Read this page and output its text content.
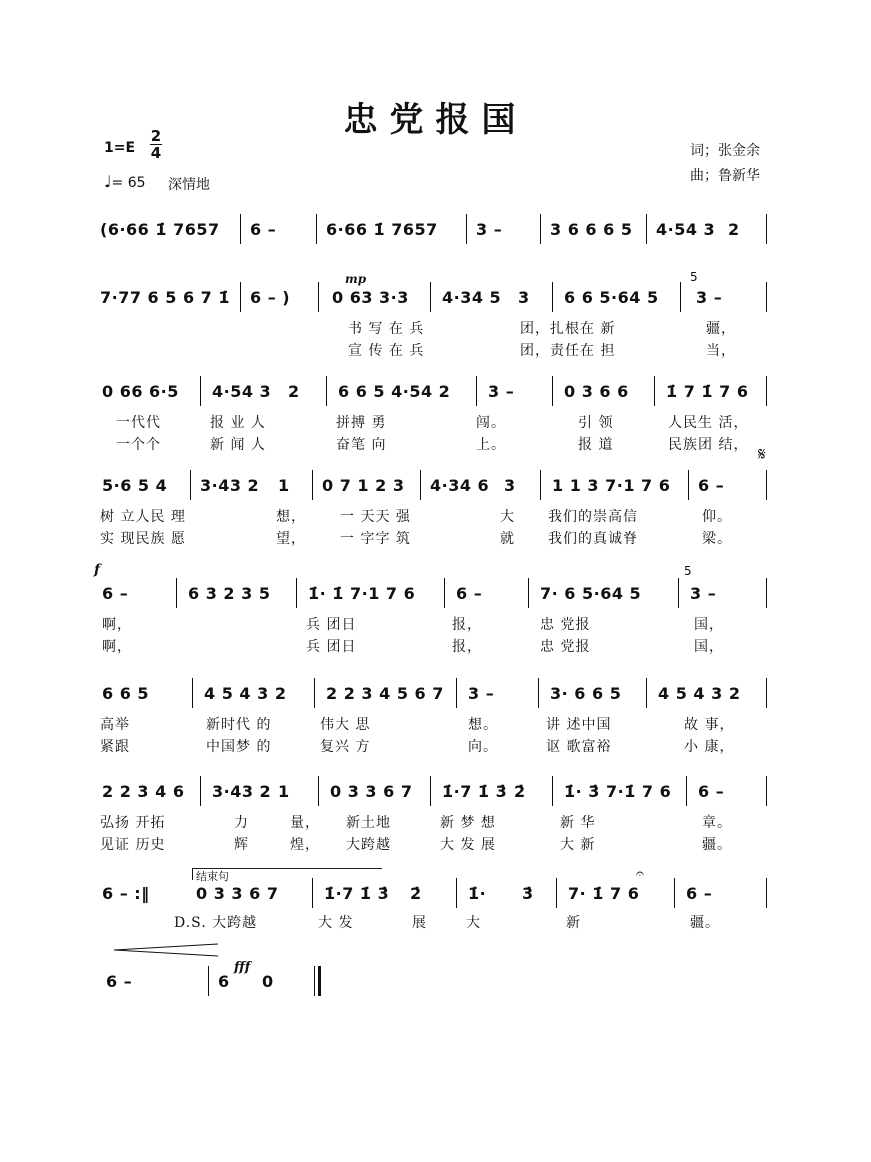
忠党报国
1=E
2
4
♩= 65 深情地
词；张金余
曲；鲁新华
(6·66 1̇ 7657 6 –	6·66 1̇ 7657 3 –	3 6 6 6 5 4·54 3 2
7·77 6 5 6 7 1̇ 6 – )
mp
0 63 3·3 4·34 5 3 6 6 5·64 5
5
3 –
书 写 在 兵	团，扎根在 新	疆，
宣 传 在 兵	团，责任在 担	当，
0 66 6·5 4·54 3 2 6 6 5 4·54 2 3 –	0 3 6 6 1̇ 7 1̇ 7 6
一代代	报 业 人	拼搏 勇	闯。	引 领	人民生 活，
一个个	新 闻 人	奋笔 向	上。	报 道	民族团 结，
5·6 5 4 3·43 2 1 0 7 1 2 3 4·34 6 3 1 1 3 7·1 7 6 6 –
𝄋
树 立人民 理	想， 一 天天 强	大 我们的崇高信	仰。
实 现民族 愿	望， 一 字字 筑	就 我们的真诚脊	梁。
f
6 –	6 3 2 3 5 1̇· 1̇ 7·1 7 6	6 –	7· 6 5·64 5
5
3 –
啊，	兵 团日	报，	忠 党报	国，
啊，	兵 团日	报，	忠 党报	国，
6 6 5	4 5 4 3 2 2 2 3 4 5 6 7 3 –	3· 6 6 5 4 5 4 3 2
高举	新时代 的	伟大 思	想。	讲 述中国	故 事，
紧跟	中国梦 的	复兴 方	向。	讴 歌富裕	小 康，
2 2 3 4 6 3·43 2 1	0 3 3 6 7 1̇·7 1̇ 3̇ 2̇ 1̇· 3̇ 7·1̇ 7 6 6 –
弘扬 开拓	力	量， 新土地	新 梦 想	新 华	章。
见证 历史	辉	煌， 大跨越	大 发 展	大 新	疆。
结束句
6 – :‖	0 3 3 6 7	1̇·7 1̇ 3̇ 2̇	1̇· 3̇ 7· 1̇ 7 6
𝄐
6 –
D.S. 大跨越	大 发	展	大	新	疆。
6 –	6
fff
0
